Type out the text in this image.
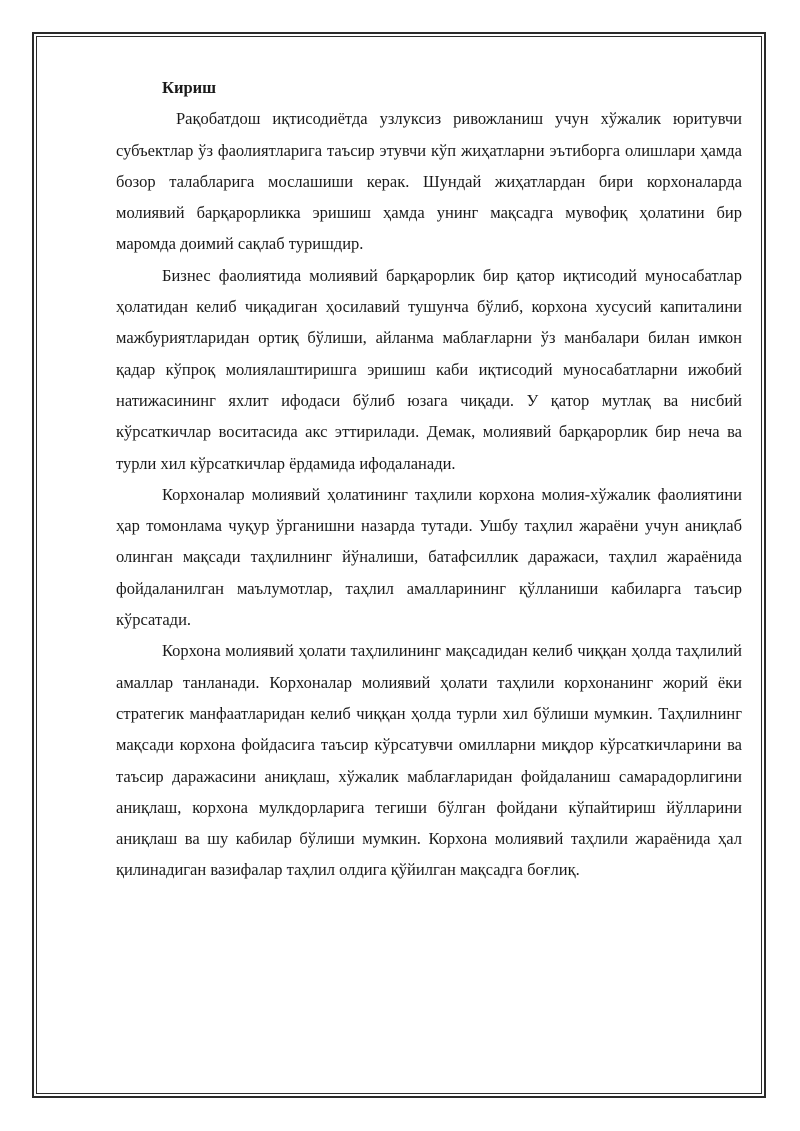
Кириш

Рақобатдош иқтисодиётда узлуксиз ривожланиш учун хўжалик юритувчи субъектлар ўз фаолиятларига таъсир этувчи кўп жиҳатларни эътиборга олишлари ҳамда бозор талабларига мослашиши керак. Шундай жиҳатлардан бири корхоналарда молиявий барқарорликка эришиш ҳамда унинг мақсадга мувофиқ ҳолатини бир маромда доимий сақлаб туришдир.

Бизнес фаолиятида молиявий барқарорлик бир қатор иқтисодий муносабатлар ҳолатидан келиб чиқадиган ҳосилавий тушунча бўлиб, корхона хусусий капиталини мажбуриятларидан ортиқ бўлиши, айланма маблағларни ўз манбалари билан имкон қадар кўпроқ молиялаштиришга эришиш каби иқтисодий муносабатларни ижобий натижасининг яхлит ифодаси бўлиб юзага чиқади. У қатор мутлақ ва нисбий кўрсаткичлар воситасида акс эттирилади. Демак, молиявий барқарорлик бир неча ва турли хил кўрсаткичлар ёрдамида ифодаланади.

Корхоналар молиявий ҳолатининг таҳлили корхона молия-хўжалик фаолиятини ҳар томонлама чуқур ўрганишни назарда тутади. Ушбу таҳлил жараёни учун аниқлаб олинган мақсади таҳлилнинг йўналиши, батафсиллик даражаси, таҳлил жараёнида фойдаланилган маълумотлар, таҳлил амалларининг қўлланиши кабиларга таъсир кўрсатади.

Корхона молиявий ҳолати таҳлилининг мақсадидан келиб чиққан ҳолда таҳлилий амаллар танланади. Корхоналар молиявий ҳолати таҳлили корхонанинг жорий ёки стратегик манфаатларидан келиб чиққан ҳолда турли хил бўлиши мумкин. Таҳлилнинг мақсади корхона фойдасига таъсир кўрсатувчи омилларни миқдор кўрсаткичларини ва таъсир даражасини аниқлаш, хўжалик маблағларидан фойдаланиш самарадорлигини аниқлаш, корхона мулкдорларига тегиши бўлган фойдани кўпайтириш йўлларини аниқлаш ва шу кабилар бўлиши мумкин. Корхона молиявий таҳлили жараёнида ҳал қилинадиган вазифалар таҳлил олдига қўйилган мақсадга боғлиқ.
